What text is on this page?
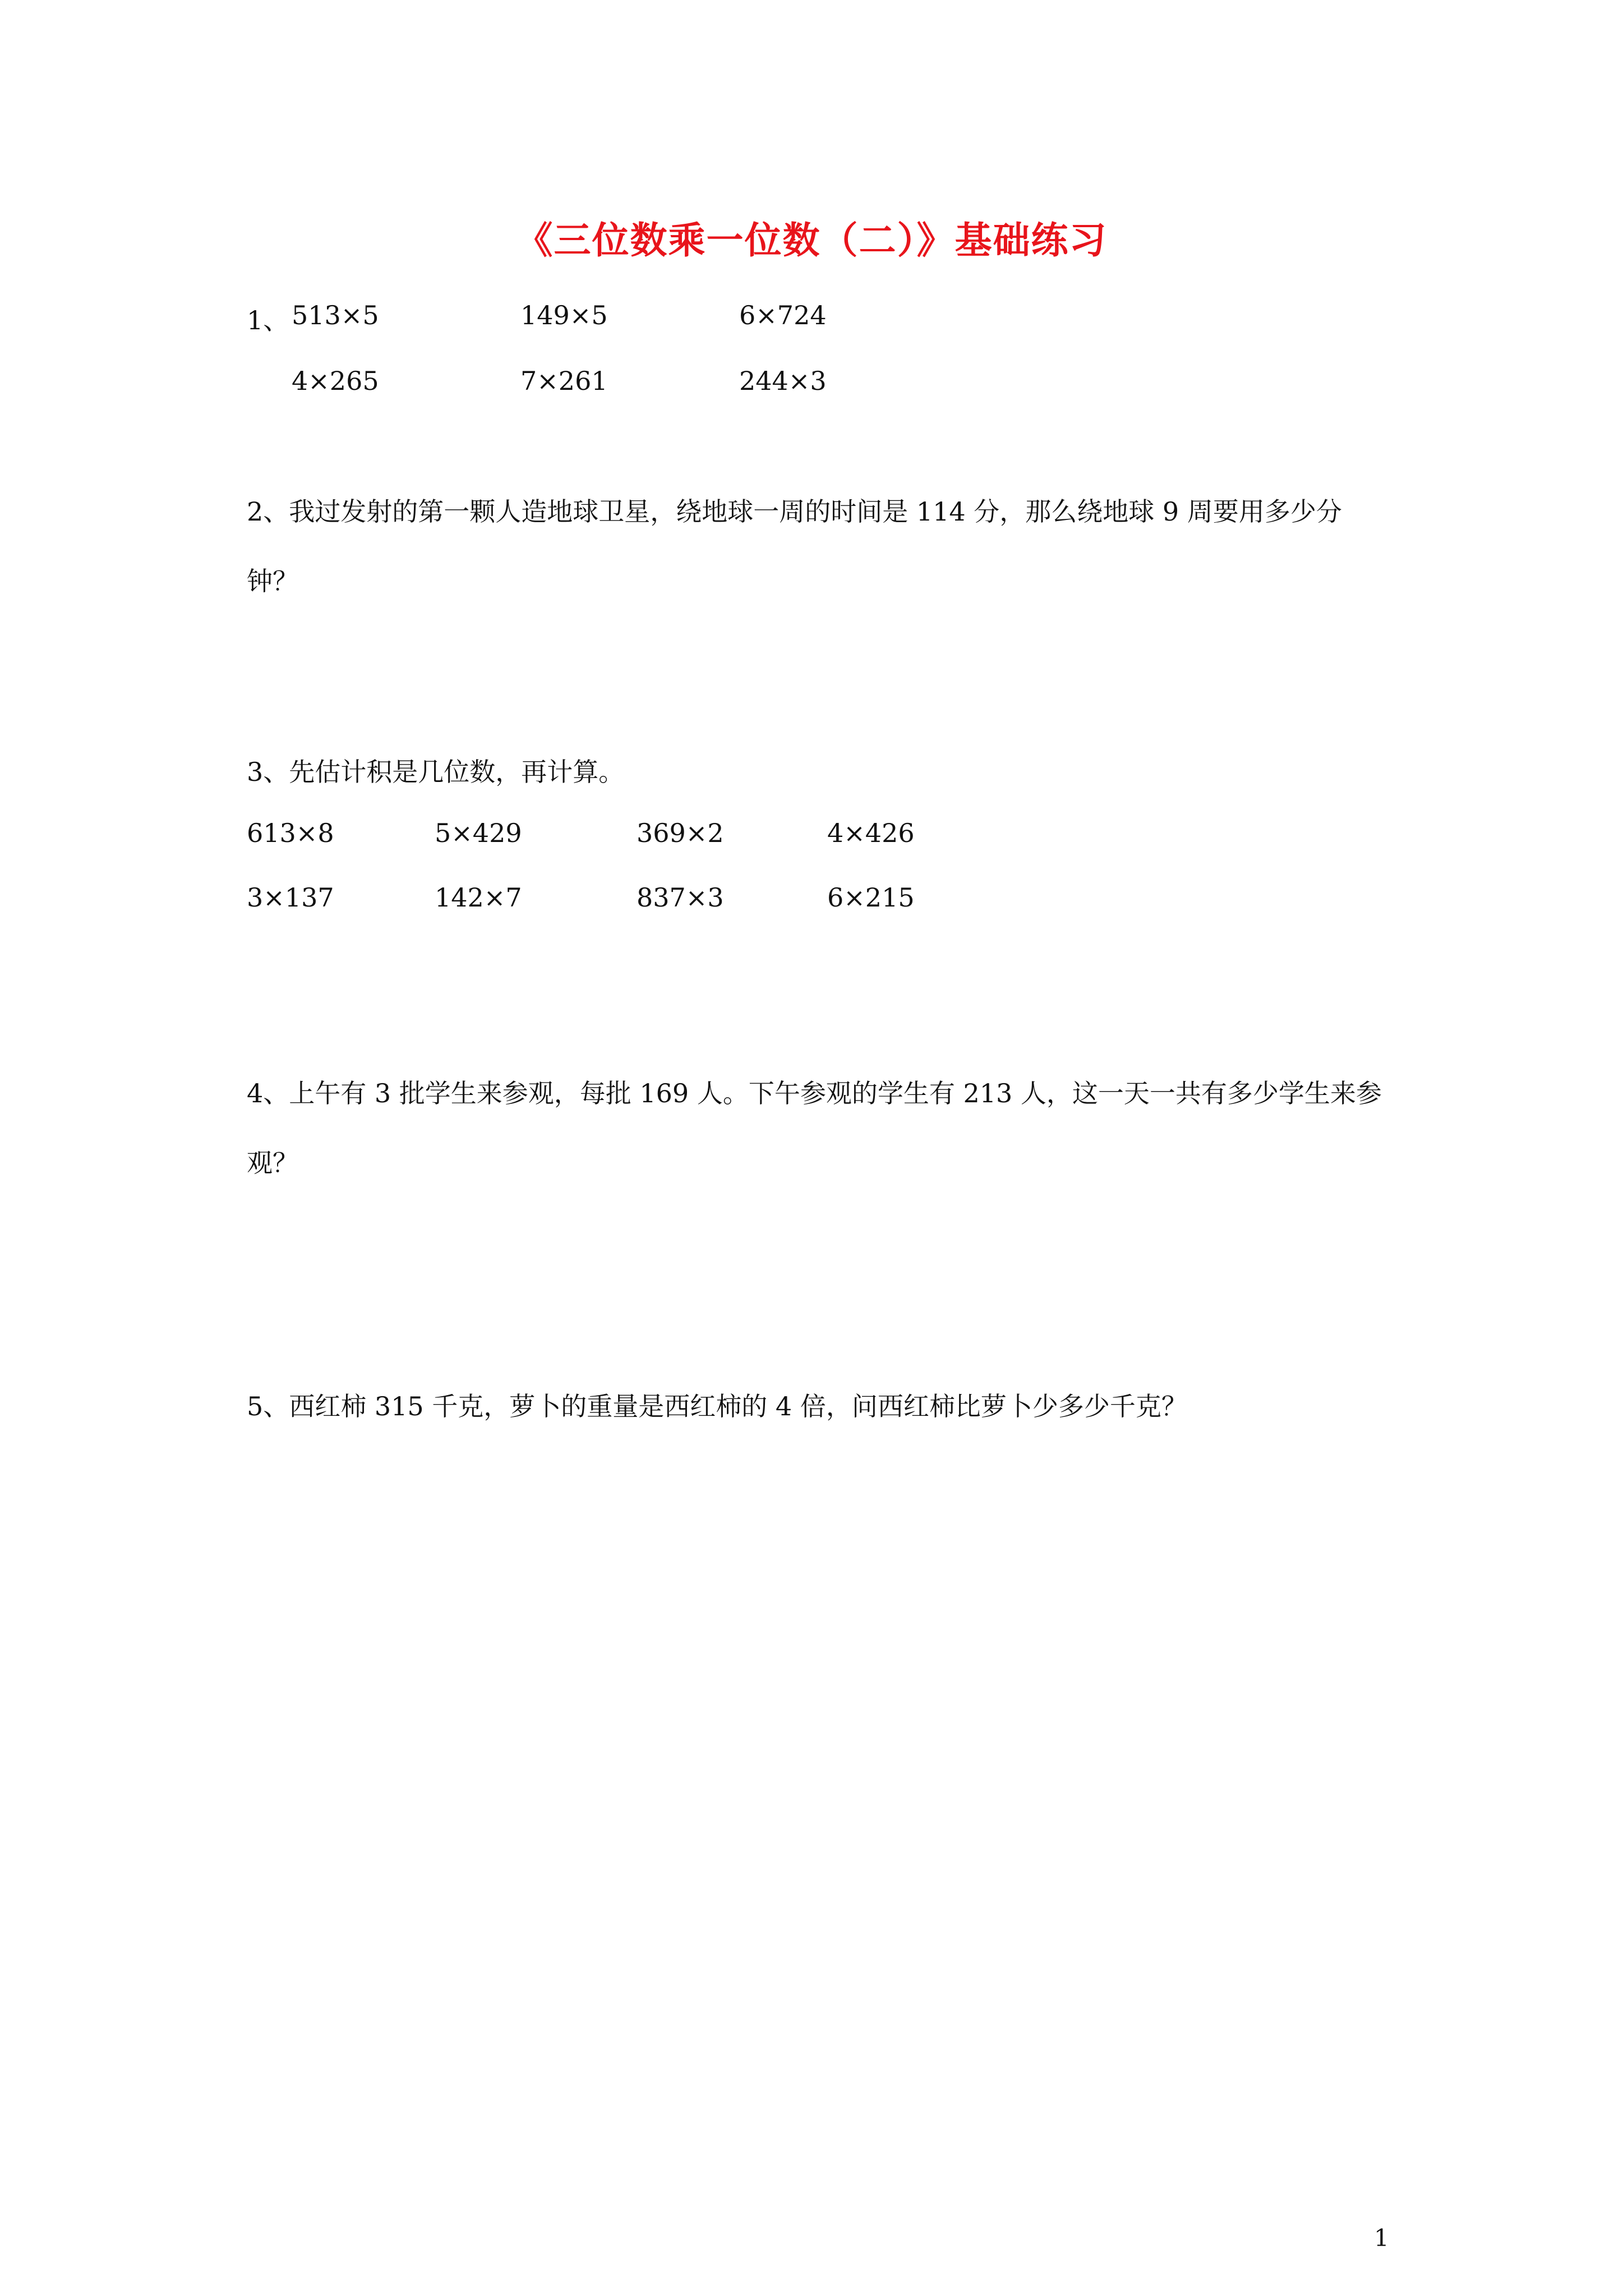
《三位数乘一位数（二）》基础练习
1、 513×5	149×5	6×724
4×265	7×261	244×3
2、我过发射的第一颗人造地球卫星，绕地球一周的时间是 114 分，那么绕地球 9 周要用多少分钟？
3、先估计积是几位数，再计算。
613×8	5×429	369×2	4×426
3×137	142×7	837×3	6×215
4、上午有 3 批学生来参观，每批 169 人。下午参观的学生有 213 人，这一天一共有多少学生来参观？
5、西红柿 315 千克，萝卜的重量是西红柿的 4 倍，问西红柿比萝卜少多少千克？
1
